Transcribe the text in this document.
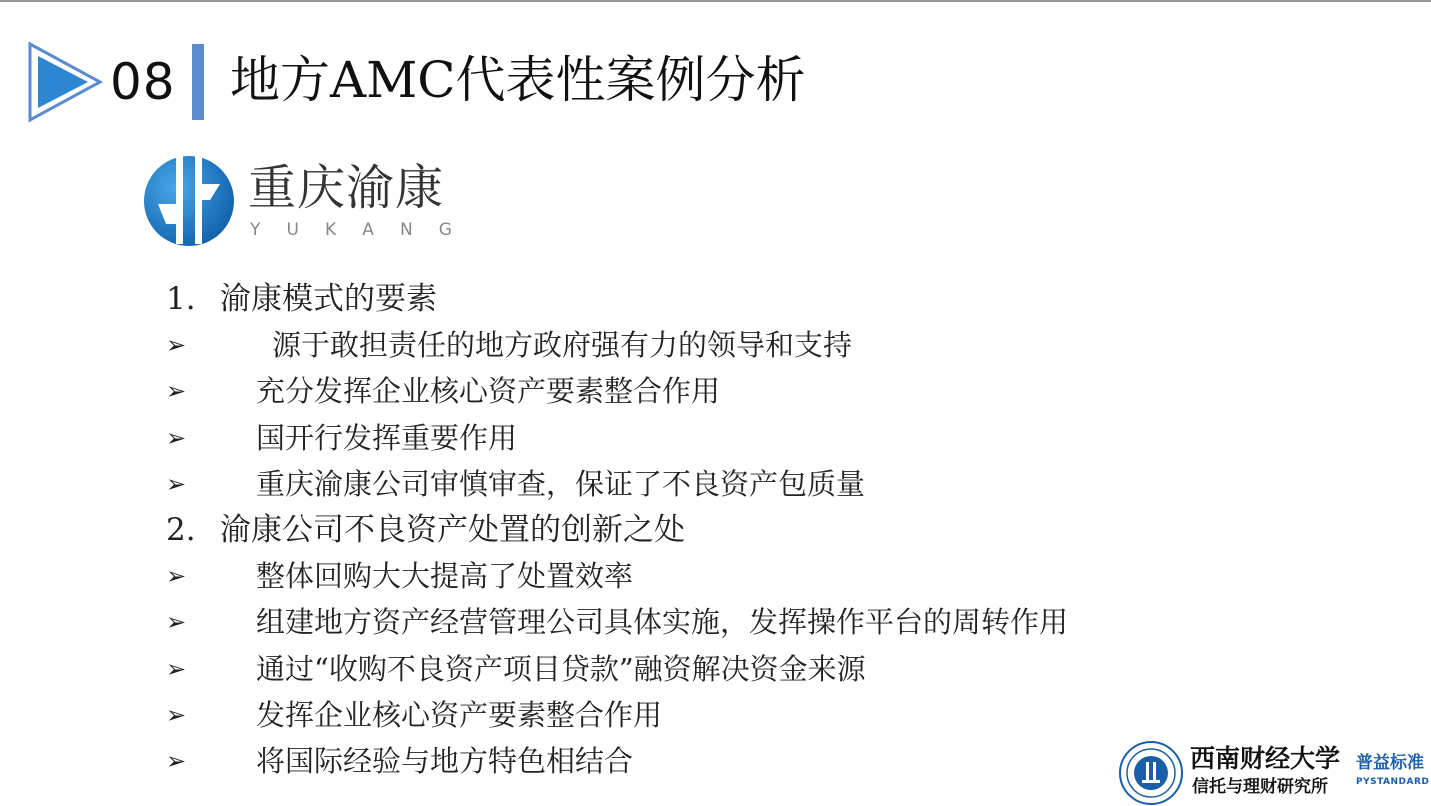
08 地方AMC代表性案例分析
重庆渝康
Y U K A N G
1. 渝康模式的要素
➢	源于敢担责任的地方政府强有力的领导和支持
➢ 充分发挥企业核心资产要素整合作用
➢ 国开行发挥重要作用
➢ 重庆渝康公司审慎审查，保证了不良资产包质量
2. 渝康公司不良资产处置的创新之处
➢ 整体回购大大提高了处置效率
➢ 组建地方资产经营管理公司具体实施，发挥操作平台的周转作用
➢ 通过“收购不良资产项目贷款”融资解决资金来源
➢ 发挥企业核心资产要素整合作用
➢ 将国际经验与地方特色相结合	西南财经大学
信托与理财研究所
普益标准
PYSTANDARD
